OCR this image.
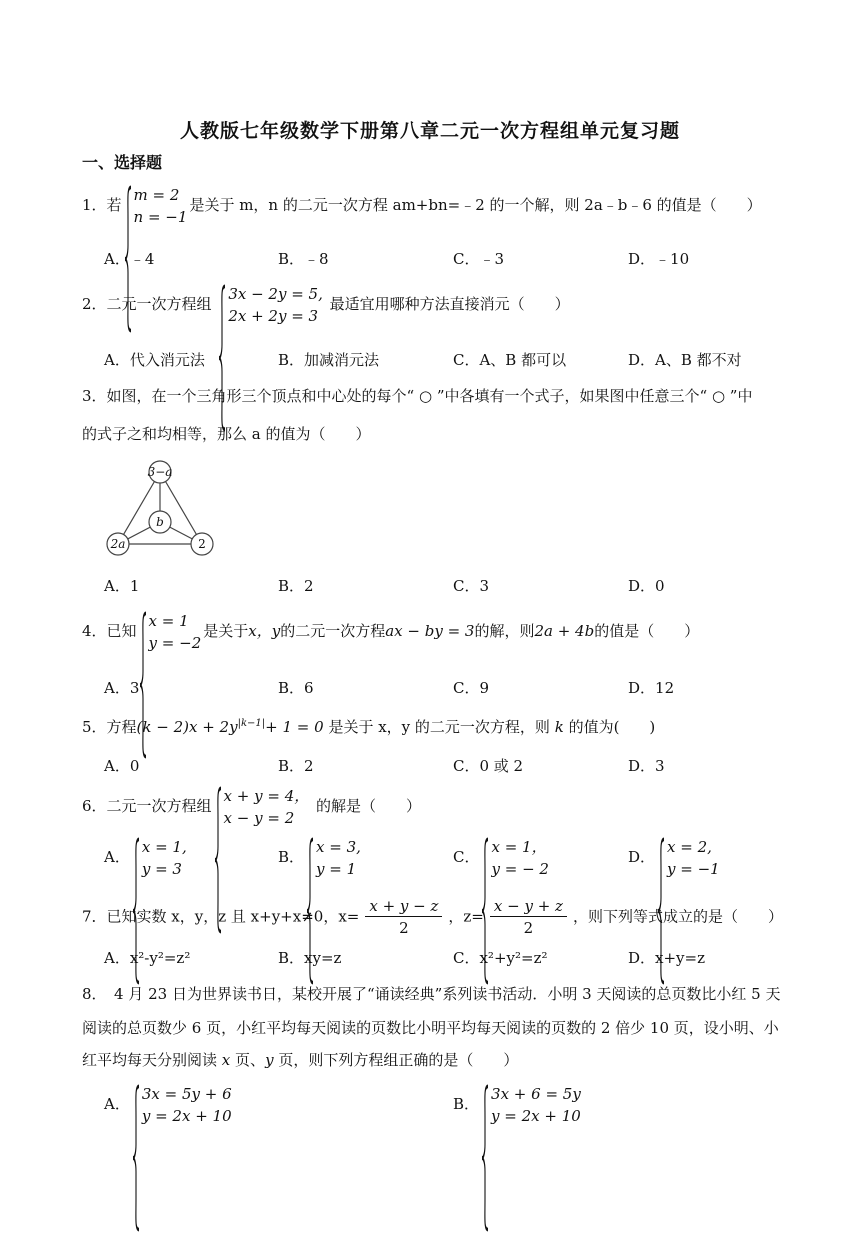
人教版七年级数学下册第八章二元一次方程组单元复习题
一、选择题
1．若
m = 2
n = −1
是关于 m，n 的二元一次方程 am+bn=﹣2 的一个解，则 2a﹣b﹣6 的值是（　　）
A．﹣4	B．﹣8	C．﹣3	D．﹣10
2．二元一次方程组
3x − 2y = 5,
2x + 2y = 3
最适宜用哪种方法直接消元（　　）
A．代入消元法	B．加减消元法	C．A、B 都可以	D．A、B 都不对
3．如图，在一个三角形三个顶点和中心处的每个“ ○ ”中各填有一个式子，如果图中任意三个“ ○ ”中
的式子之和均相等，那么 a 的值为（　　）
3−a
b
2a	2
A．1	B．2	C．3	D．0
4．已知
x = 1
y = −2
是关于x，y的二元一次方程ax − by = 3的解，则2a + 4b的值是（　　）
A．3	B．6	C．9	D．12
5．方程$(k - 2)x + 2y^{|k-1|}+ 1 = 0$ 是关于 x，y 的二元一次方程，则 k 的值为(　　)
A．0	B．2	C．0 或 2	D．3
6．二元一次方程组
x + y = 4，
x − y = 2
的解是（　　）
A．
x = 1,
y = 3
B．
x = 3,
y = 1
C．
x = 1，
y = − 2
D．
x = 2,
y = −1
7．已知实数 x，y，z 且 x+y+x≠0，$x= \frac{x + y - z}{2}$ ，$z= \frac{x - y + z}{2}$ ，则下列等式成立的是（　　）
A．x²-y²=z²	B．xy=z	C．x²+y²=z²	D．x+y=z
8．　4 月 23 日为世界读书日，某校开展了“诵读经典”系列读书活动．小明 3 天阅读的总页数比小红 5 天
阅读的总页数少 6 页，小红平均每天阅读的页数比小明平均每天阅读的页数的 2 倍少 10 页，设小明、小
红平均每天分别阅读 x 页、y 页，则下列方程组正确的是（　　）
A．
3x = 5y + 6
y = 2x + 10
B．
3x + 6 = 5y
y = 2x + 10
